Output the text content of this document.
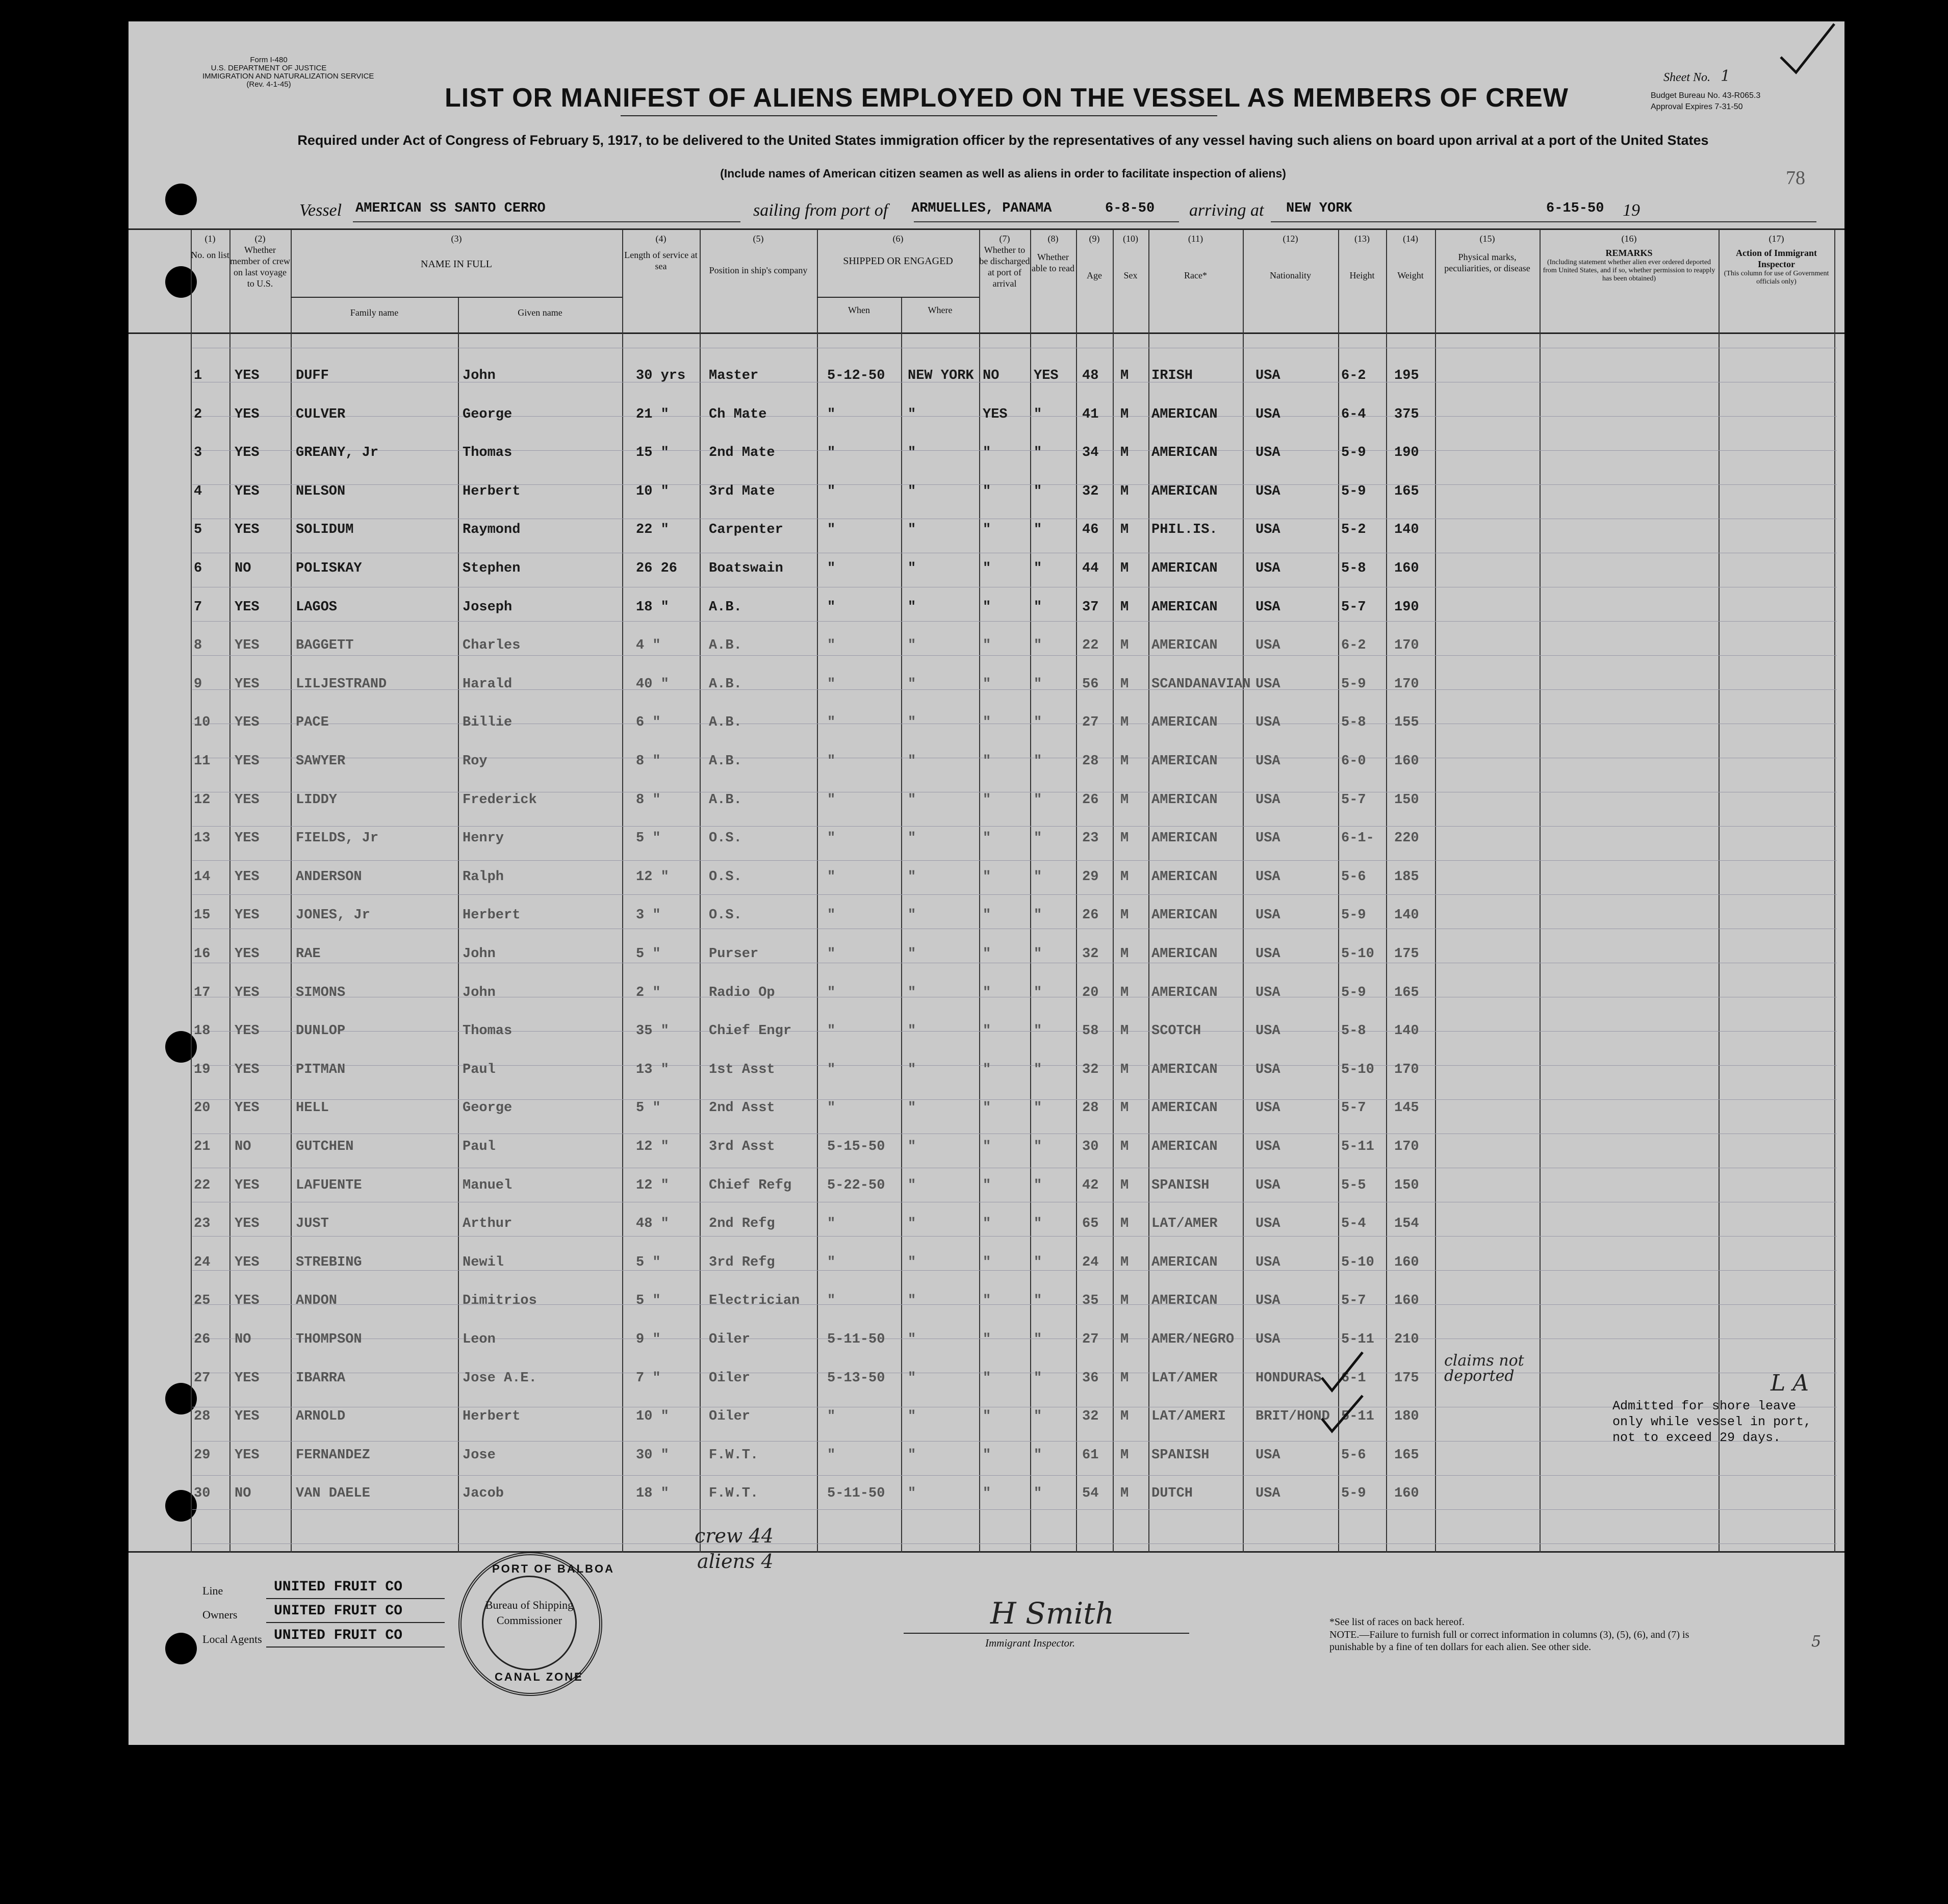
Form I-480
U.S. DEPARTMENT OF JUSTICE
IMMIGRATION AND NATURALIZATION SERVICE
(Rev. 4-1-45)
Sheet No. 1
Budget Bureau No. 43-R065.3
Approval Expires 7-31-50
78
LIST OR MANIFEST OF ALIENS EMPLOYED ON THE VESSEL AS MEMBERS OF CREW
Required under Act of Congress of February 5, 1917, to be delivered to the United States immigration officer by the representatives of any vessel having such aliens on board upon arrival at a port of the United States
(Include names of American citizen seamen as well as aliens in order to facilitate inspection of aliens)
Vessel AMERICAN SS SANTO CERRO	sailing from port of ARMUELLES, PANAMA	6-8-50 arriving at NEW YORK	6-15-50 19
(1)
No. on list
(2)
Whether member of crew on last voyage to U.S.
(3)
NAME IN FULL
Family name	Given name
(4)
Length of service at sea
(5)
Position in ship's company
(6)
SHIPPED OR ENGAGED
When	Where
(7)
Whether to be discharged at port of arrival
(8)
Whether able to read
(9)
Age
(10)
Sex
(11)
Race*
(12)
Nationality
(13)
Height
(14)
Weight
(15)
Physical marks, peculiarities, or disease
(16)
REMARKS
(Including statement whether alien ever ordered deported from United States, and if so, whether permission to reapply has been obtained)
(17)
Action of Immigrant Inspector
(This column for use of Government officials only)
1 YES	DUFF	John	30 yrs Master	5-12-50 NEW YORK NO	YES 48 M IRISH	USA	6-2 195
2 YES	CULVER	George	21 "	Ch Mate	"	"	YES "	41 M AMERICAN	USA	6-4 375
3 YES	GREANY, Jr	Thomas	15 "	2nd Mate	"	"	"	"	34 M AMERICAN	USA	5-9 190
4 YES	NELSON	Herbert	10 "	3rd Mate	"	"	"	"	32 M AMERICAN	USA	5-9 165
5 YES	SOLIDUM	Raymond	22 "	Carpenter	"	"	"	"	46 M PHIL.IS.	USA	5-2 140
6 NO	POLISKAY	Stephen	26 26 Boatswain	"	"	"	"	44 M AMERICAN	USA	5-8 160
7 YES	LAGOS	Joseph	18 "	A.B.	"	"	"	"	37 M AMERICAN	USA	5-7 190
8 YES	BAGGETT	Charles	4 "	A.B.	"	"	"	"	22 M AMERICAN	USA	6-2 170
9 YES	LILJESTRAND	Harald	40 "	A.B.	"	"	"	"	56 M SCANDANAVIAN USA	5-9 170
10 YES	PACE	Billie	6 "	A.B.	"	"	"	"	27 M AMERICAN	USA	5-8 155
11 YES	SAWYER	Roy	8 "	A.B.	"	"	"	"	28 M AMERICAN	USA	6-0 160
12 YES	LIDDY	Frederick	8 "	A.B.	"	"	"	"	26 M AMERICAN	USA	5-7 150
13 YES	FIELDS, Jr	Henry	5 "	O.S.	"	"	"	"	23 M AMERICAN	USA	6-1- 220
14 YES	ANDERSON	Ralph	12 "	O.S.	"	"	"	"	29 M AMERICAN	USA	5-6 185
15 YES	JONES, Jr	Herbert	3 "	O.S.	"	"	"	"	26 M AMERICAN	USA	5-9 140
16 YES	RAE	John	5 "	Purser	"	"	"	"	32 M AMERICAN	USA	5-10 175
17 YES	SIMONS	John	2 "	Radio Op	"	"	"	"	20 M AMERICAN	USA	5-9 165
18 YES	DUNLOP	Thomas	35 "	Chief Engr	"	"	"	"	58 M SCOTCH	USA	5-8 140
19 YES	PITMAN	Paul	13 "	1st Asst	"	"	"	"	32 M AMERICAN	USA	5-10 170
20 YES	HELL	George	5 "	2nd Asst	"	"	"	"	28 M AMERICAN	USA	5-7 145
21 NO	GUTCHEN	Paul	12 "	3rd Asst	5-15-50 "	"	"	30 M AMERICAN	USA	5-11 170
22 YES	LAFUENTE	Manuel	12 "	Chief Refg	5-22-50 "	"	"	42 M SPANISH	USA	5-5 150
23 YES	JUST	Arthur	48 "	2nd Refg	"	"	"	"	65 M LAT/AMER	USA	5-4 154
24 YES	STREBING	Newil	5 "	3rd Refg	"	"	"	"	24 M AMERICAN	USA	5-10 160
25 YES	ANDON	Dimitrios	5 "	Electrician "	"	"	"	35 M AMERICAN	USA	5-7 160
26 NO	THOMPSON	Leon	9 "	Oiler	5-11-50 "	"	"	27 M AMER/NEGRO USA	5-11 210
27 YES	IBARRA	Jose A.E.	7 "	Oiler	5-13-50 "	"	"	36 M LAT/AMER	HONDURAS 6-1 175
28 YES	ARNOLD	Herbert	10 "	Oiler	"	"	"	"	32 M LAT/AMERI BRIT/HOND 5-11 180
29 YES	FERNANDEZ	Jose	30 "	F.W.T.	"	"	"	"	61 M SPANISH	USA	5-6 165
30 NO	VAN DAELE	Jacob	18 "	F.W.T.	5-11-50 "	"	"	54 M DUTCH	USA	5-9 160
claims not deported
Admitted for shore leave only while vessel in port, not to exceed 29 days.
L A
crew 44
aliens 4
Line	UNITED FRUIT CO
Owners	UNITED FRUIT CO
Local Agents UNITED FRUIT CO
PORT OF BALBOA
Bureau of Shipping Commissioner
CANAL ZONE
H Smith
Immigrant Inspector.
*See list of races on back hereof.
NOTE.—Failure to furnish full or correct information in columns (3), (5), (6), and (7) is punishable by a fine of ten dollars for each alien. See other side.	5
